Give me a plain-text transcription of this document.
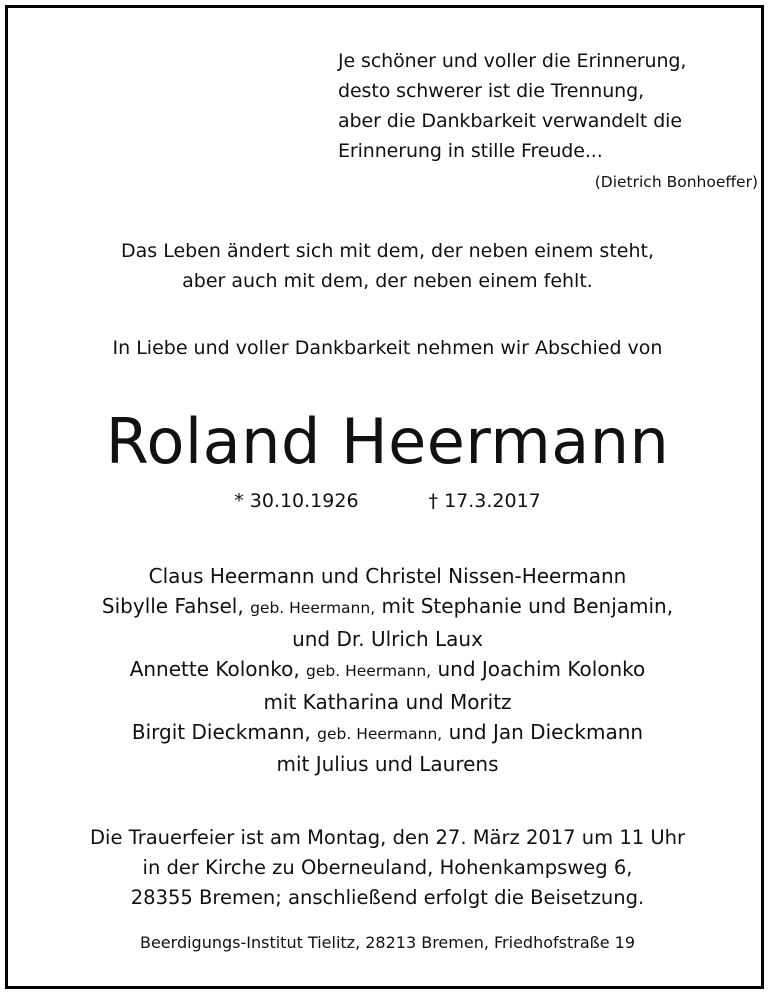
Je schöner und voller die Erinnerung,
desto schwerer ist die Trennung,
aber die Dankbarkeit verwandelt die
Erinnerung in stille Freude...
(Dietrich Bonhoeffer)
Das Leben ändert sich mit dem, der neben einem steht,
aber auch mit dem, der neben einem fehlt.
In Liebe und voller Dankbarkeit nehmen wir Abschied von
Roland Heermann
* 30.10.1926	† 17.3.2017
Claus Heermann und Christel Nissen-Heermann
Sibylle Fahsel, geb. Heermann, mit Stephanie und Benjamin,
und Dr. Ulrich Laux
Annette Kolonko, geb. Heermann, und Joachim Kolonko
mit Katharina und Moritz
Birgit Dieckmann, geb. Heermann, und Jan Dieckmann
mit Julius und Laurens
Die Trauerfeier ist am Montag, den 27. März 2017 um 11 Uhr
in der Kirche zu Oberneuland, Hohenkampsweg 6,
28355 Bremen; anschließend erfolgt die Beisetzung.
Beerdigungs-Institut Tielitz, 28213 Bremen, Friedhofstraße 19
